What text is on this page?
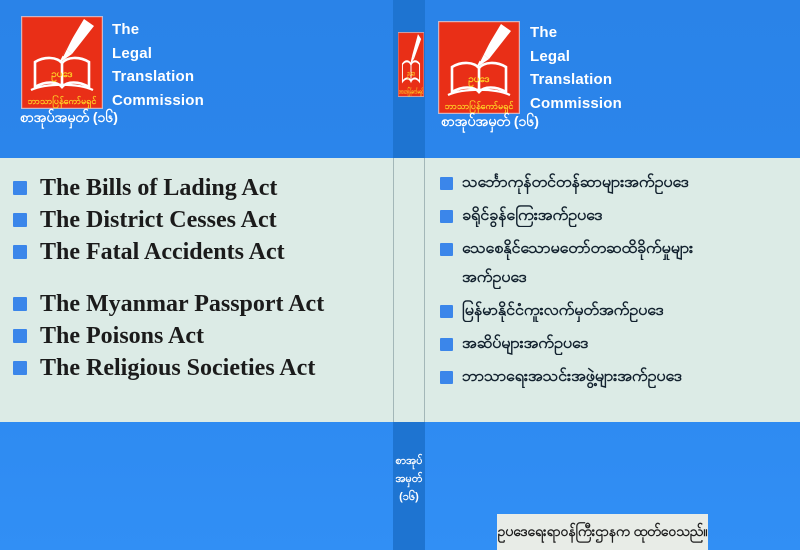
ဥပဒေ
ဘာသာပြန်ကော်မရှင်
The
Legal
Translation
Commission
စာအုပ်အမှတ် (၁၆)
The Bills of Lading Act
The District Cesses Act
The Fatal Accidents Act
The Myanmar Passport Act
The Poisons Act
The Religious Societies Act
ဥပဒေ
ဘာသာပြန်ကော်မရှင်
စာအုပ်
အမှတ်
(၁၆)
ဥပဒေ
ဘာသာပြန်ကော်မရှင်
The
Legal
Translation
Commission
စာအုပ်အမှတ် (၁၆)
သင်္ဘောကုန်တင်တန်ဆာများအက်ဥပဒေ
ခရိုင်ခွန်ကြေးအက်ဥပဒေ
သေစေနိုင်သောမတော်တဆထိခိုက်မှုများ
အက်ဥပဒေ
မြန်မာနိုင်ငံကူးလက်မှတ်အက်ဥပဒေ
အဆိပ်များအက်ဥပဒေ
ဘာသာရေးအသင်းအဖွဲ့များအက်ဥပဒေ
ဥပဒေရေးရာဝန်ကြီးဌာနက ထုတ်ဝေသည်။
